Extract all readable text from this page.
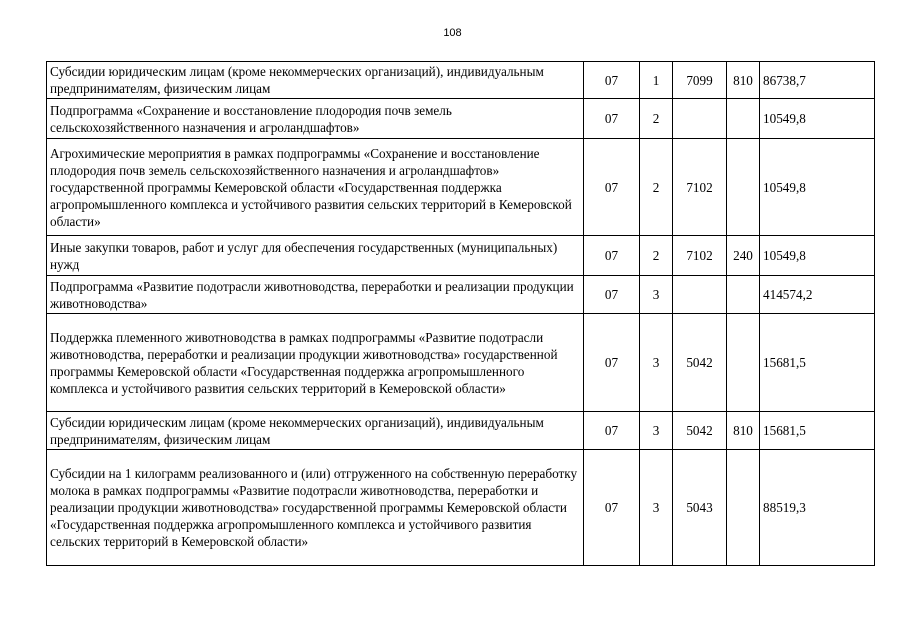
108
Субсидии юридическим лицам (кроме некоммерческих организаций), индивидуальным предпринимателям, физическим лицам	07	1	7099	810	86738,7
Подпрограмма «Сохранение и восстановление плодородия почв земель сельскохозяйственного назначения и агроландшафтов»	07	2			10549,8
Агрохимические мероприятия в рамках подпрограммы «Сохранение и восстановление плодородия почв земель сельскохозяйственного назначения и агроландшафтов» государственной программы Кемеровской области «Государственная поддержка агропромышленного комплекса и устойчивого развития сельских территорий в Кемеровской области»	07	2	7102		10549,8
Иные закупки товаров, работ и услуг для обеспечения государственных (муниципальных) нужд	07	2	7102	240	10549,8
Подпрограмма «Развитие подотрасли животноводства, переработки и реализации продукции животноводства»	07	3			414574,2
Поддержка племенного животноводства в рамках подпрограммы «Развитие подотрасли животноводства, переработки и реализации продукции животноводства» государственной программы Кемеровской области «Государственная поддержка агропромышленного комплекса и устойчивого развития сельских территорий в Кемеровской области»	07	3	5042		15681,5
Субсидии юридическим лицам (кроме некоммерческих организаций), индивидуальным предпринимателям, физическим лицам	07	3	5042	810	15681,5
Субсидии на 1 килограмм реализованного и (или) отгруженного на собственную переработку молока в рамках подпрограммы «Развитие подотрасли животноводства, переработки и реализации продукции животноводства» государственной программы Кемеровской области «Государственная поддержка агропромышленного комплекса и устойчивого развития сельских территорий в Кемеровской области»	07	3	5043		88519,3
